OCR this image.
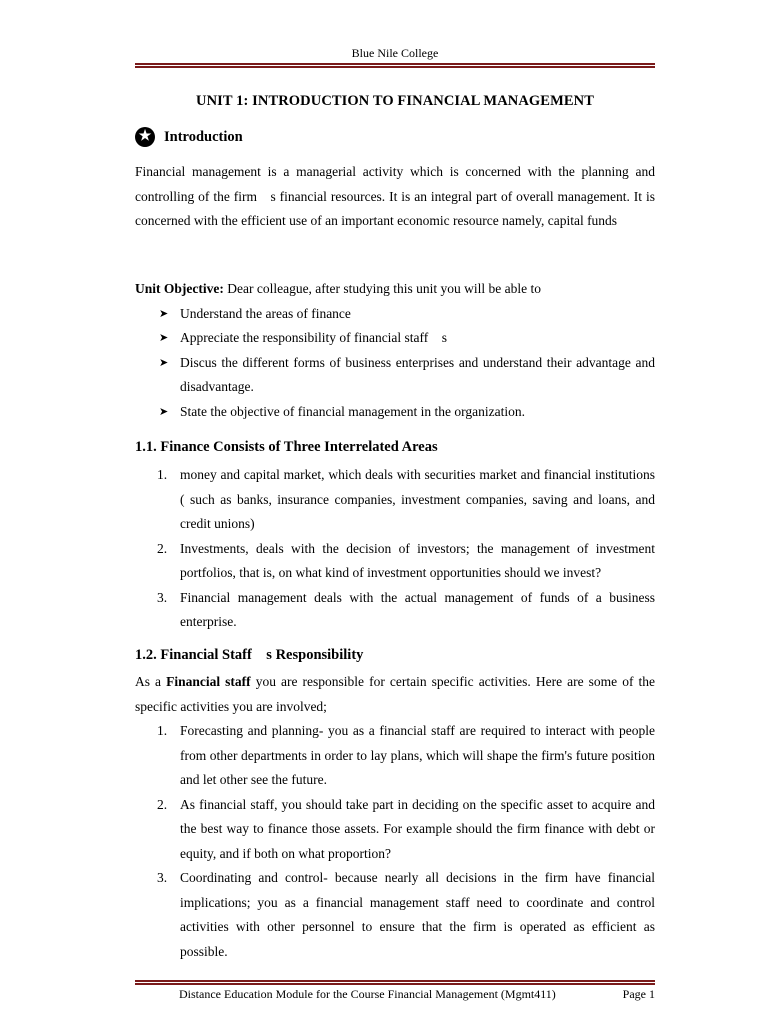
Blue Nile College
UNIT 1: INTRODUCTION TO FINANCIAL MANAGEMENT
★ Introduction
Financial management is a managerial activity which is concerned with the planning and controlling of the firm s financial resources. It is an integral part of overall management. It is concerned with the efficient use of an important economic resource namely, capital funds
Unit Objective: Dear colleague, after studying this unit you will be able to
➤ Understand the areas of finance
➤ Appreciate the responsibility of financial staff s
➤ Discus the different forms of business enterprises and understand their advantage and disadvantage.
➤ State the objective of financial management in the organization.
1.1. Finance Consists of Three Interrelated Areas
1. money and capital market, which deals with securities market and financial institutions ( such as banks, insurance companies, investment companies, saving and loans, and credit unions)
2. Investments, deals with the decision of investors; the management of investment portfolios, that is, on what kind of investment opportunities should we invest?
3. Financial management deals with the actual management of funds of a business enterprise.
1.2. Financial Staff s Responsibility
As a Financial staff you are responsible for certain specific activities. Here are some of the specific activities you are involved;
1. Forecasting and planning- you as a financial staff are required to interact with people from other departments in order to lay plans, which will shape the firm's future position and let other see the future.
2. As financial staff, you should take part in deciding on the specific asset to acquire and the best way to finance those assets. For example should the firm finance with debt or equity, and if both on what proportion?
3. Coordinating and control- because nearly all decisions in the firm have financial implications; you as a financial management staff need to coordinate and control activities with other personnel to ensure that the firm is operated as efficient as possible.
Distance Education Module for the Course Financial Management (Mgmt411)	Page 1
